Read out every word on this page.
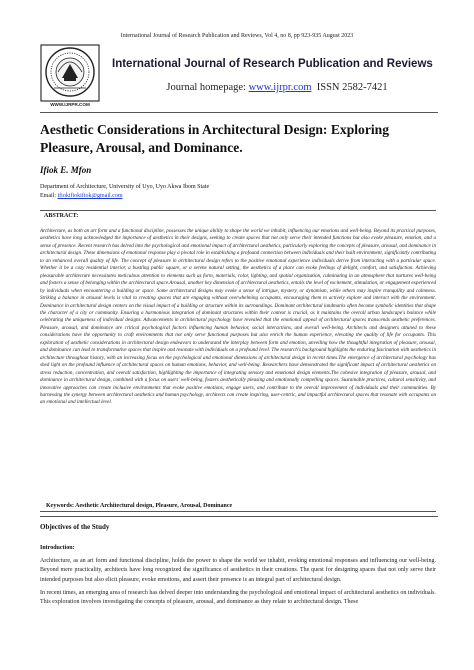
International Journal of Research Publication and Reviews, Vol 4, no 8, pp 923-935 August 2023
WWW.IJRPR.COM
International Journal of Research Publication and Reviews
Journal homepage: www.ijrpr.com ISSN 2582-7421
Aesthetic Considerations in Architectural Design: Exploring Pleasure, Arousal, and Dominance.
Ifiok E. Mfon
Department of Architecture, University of Uyo, Uyo Akwa Ibom State
Email: ifiokifiokifiok@gmail.com
ABSTRACT:
Architecture, as both an art form and a functional discipline, possesses the unique ability to shape the world we inhabit, influencing our emotions and well-being. Beyond its practical purposes, aesthetics have long acknowledged the importance of aesthetics in their designs, seeking to create spaces that not only serve their intended functions but also evoke pleasure, emotion, and a sense of presence. Recent research has delved into the psychological and emotional impact of architectural aesthetics, particularly exploring the concepts of pleasure, arousal, and dominance in architectural design. These dimensions of emotional response play a pivotal role in establishing a profound connection between individuals and their built environment, significantly contributing to an enhanced overall quality of life. The concept of pleasure in architectural design refers to the positive emotional experience individuals derive from interacting with a particular space. Whether it be a cozy residential interior, a bustling public square, or a serene natural setting, the aesthetics of a place can evoke feelings of delight, comfort, and satisfaction. Achieving pleasurable architecture necessitates meticulous attention to elements such as form, materials, color, lighting, and spatial organization, culminating in an atmosphere that nurtures well-being and fosters a sense of belonging within the architectural space.Arousal, another key dimension of architectural aesthetics, entails the level of excitement, stimulation, or engagement experienced by individuals when encountering a building or space. Some architectural designs may evoke a sense of intrigue, mystery, or dynamism, while others may inspire tranquility and calmness. Striking a balance in arousal levels is vital to creating spaces that are engaging without overwhelming occupants, encouraging them to actively explore and interact with the environment. Dominance in architectural design centers on the visual impact of a building or structure within its surroundings. Dominant architectural landmarks often become symbolic identities that shape the character of a city or community. Ensuring a harmonious integration of dominant structures within their context is crucial, as it maintains the overall urban landscape's balance while celebrating the uniqueness of individual designs. Advancements in architectural psychology have revealed that the emotional appeal of architectural spaces transcends aesthetic preferences. Pleasure, arousal, and dominance are critical psychological factors influencing human behavior, social interactions, and overall well-being. Architects and designers attuned to these considerations have the opportunity to craft environments that not only serve functional purposes but also enrich the human experience, elevating the quality of life for occupants. This exploration of aesthetic considerations in architectural design endeavors to understand the interplay between form and emotion, unveiling how the thoughtful integration of pleasure, arousal, and dominance can lead to transformative spaces that inspire and resonate with individuals on a profound level. The research's background highlights the enduring fascination with aesthetics in architecture throughout history, with an increasing focus on the psychological and emotional dimensions of architectural design in recent times.The emergence of architectural psychology has shed light on the profound influence of architectural spaces on human emotions, behavior, and well-being. Researchers have demonstrated the significant impact of architectural aesthetics on stress reduction, concentration, and overall satisfaction, highlighting the importance of integrating sensory and emotional design elements.The cohesive integration of pleasure, arousal, and dominance in architectural design, combined with a focus on users' well-being, fosters aesthetically pleasing and emotionally compelling spaces. Sustainable practices, cultural sensitivity, and innovative approaches can create inclusive environments that evoke positive emotions, engage users, and contribute to the overall improvement of individuals and their communities. By harnessing the synergy between architectural aesthetics and human psychology, architects can create inspiring, user-centric, and impactful architectural spaces that resonate with occupants on an emotional and intellectual level.
Keywords: Aesthetic Architectural design, Pleasure, Arousal, Dominance
Objectives of the Study
Introduction:
Architecture, as an art form and functional discipline, holds the power to shape the world we inhabit, evoking emotional responses and influencing our well-being. Beyond mere practicality, architects have long recognized the significance of aesthetics in their creations. The quest for designing spaces that not only serve their intended purposes but also elicit pleasure, evoke emotions, and assert their presence is an integral part of architectural design.
In recent times, an emerging area of research has delved deeper into understanding the psychological and emotional impact of architectural aesthetics on individuals. This exploration involves investigating the concepts of pleasure, arousal, and dominance as they relate to architectural design. These
